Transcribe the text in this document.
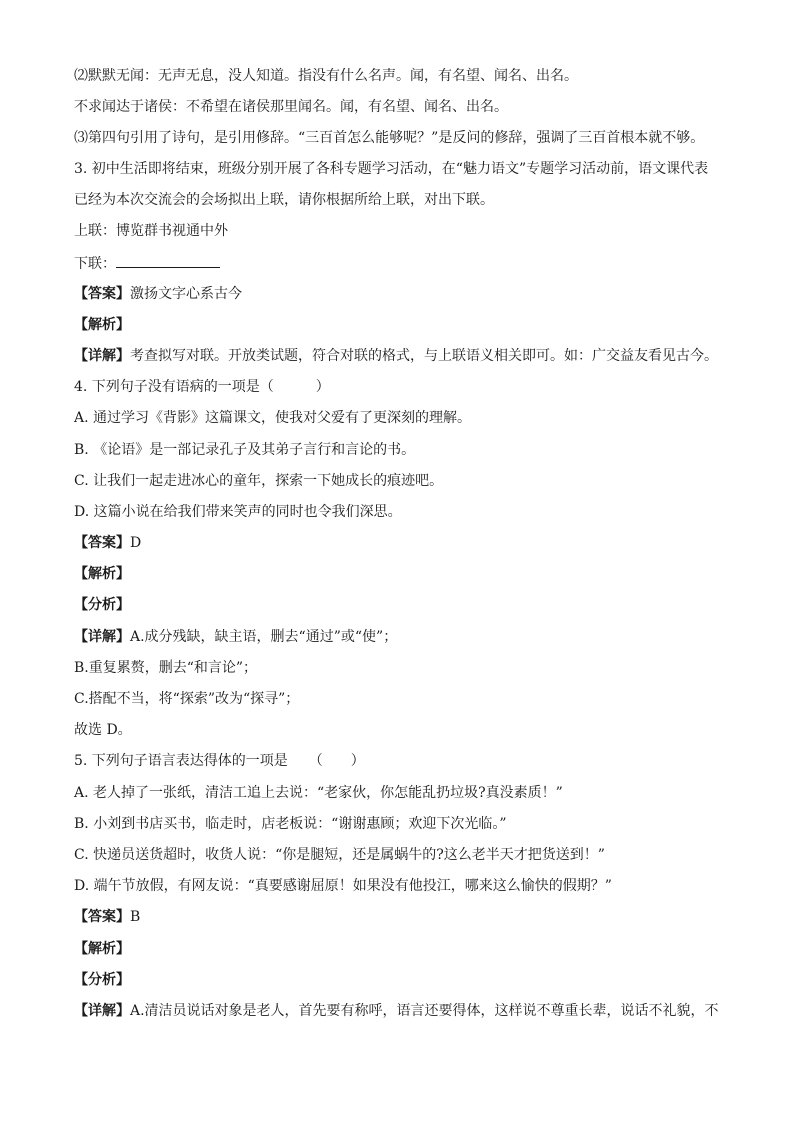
⑵默默无闻：无声无息，没人知道。指没有什么名声。闻，有名望、闻名、出名。
不求闻达于诸侯：不希望在诸侯那里闻名。闻，有名望、闻名、出名。
⑶第四句引用了诗句，是引用修辞。“三百首怎么能够呢？”是反问的修辞，强调了三百首根本就不够。
3. 初中生活即将结束，班级分别开展了各科专题学习活动，在“魅力语文”专题学习活动前，语文课代表
已经为本次交流会的会场拟出上联，请你根据所给上联，对出下联。
上联：博览群书视通中外
下联：
【答案】激扬文字心系古今
【解析】
【详解】考查拟写对联。开放类试题，符合对联的格式，与上联语义相关即可。如：广交益友看见古今。
4. 下列句子没有语病的一项是（　　　）
A. 通过学习《背影》这篇课文，使我对父爱有了更深刻的理解。
B. 《论语》是一部记录孔子及其弟子言行和言论的书。
C. 让我们一起走进冰心的童年，探索一下她成长的痕迹吧。
D. 这篇小说在给我们带来笑声的同时也令我们深思。
【答案】D
【解析】
【分析】
【详解】A.成分残缺，缺主语，删去“通过”或“使”；
B.重复累赘，删去“和言论”；
C.搭配不当，将“探索”改为“探寻”；
故选 D。
5. 下列句子语言表达得体的一项是　　（　　）
A. 老人掉了一张纸，清洁工追上去说：“老家伙，你怎能乱扔垃圾?真没素质！”
B. 小刘到书店买书，临走时，店老板说：“谢谢惠顾；欢迎下次光临。”
C. 快递员送货超时，收货人说：“你是腿短，还是属蜗牛的?这么老半天才把货送到！”
D. 端午节放假，有网友说：“真要感谢屈原！如果没有他投江，哪来这么愉快的假期？”
【答案】B
【解析】
【分析】
【详解】A.清洁员说话对象是老人，首先要有称呼，语言还要得体，这样说不尊重长辈，说话不礼貌，不
